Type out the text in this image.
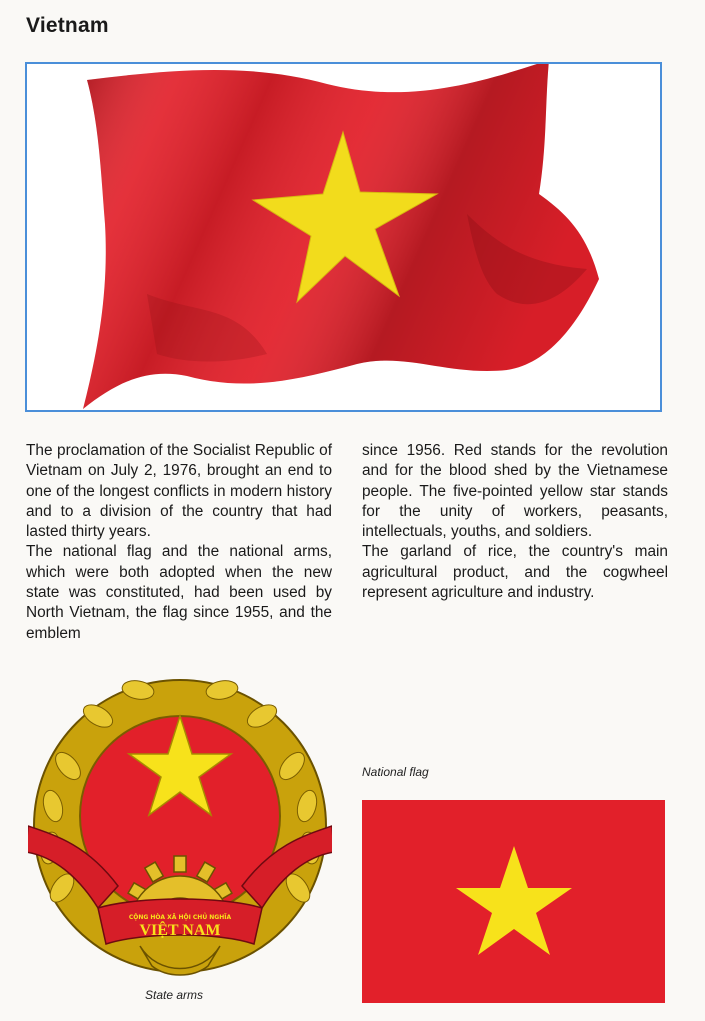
Vietnam

The proclamation of the Socialist Republic of Vietnam on July 2, 1976, brought an end to one of the longest conflicts in modern history and to a division of the country that had lasted thirty years.

The national flag and the national arms, which were both adopted when the new state was constituted, had been used by North Vietnam, the flag since 1955, and the emblem

since 1956. Red stands for the revolution and for the blood shed by the Vietnamese people. The five-pointed yellow star stands for the unity of workers, peasants, intellectuals, youths, and soldiers.

The garland of rice, the country's main agricultural product, and the cogwheel represent agriculture and industry.

CỘNG HÒA XÃ HỘI CHỦ NGHĨA
VIỆT NAM
State arms
National flag
